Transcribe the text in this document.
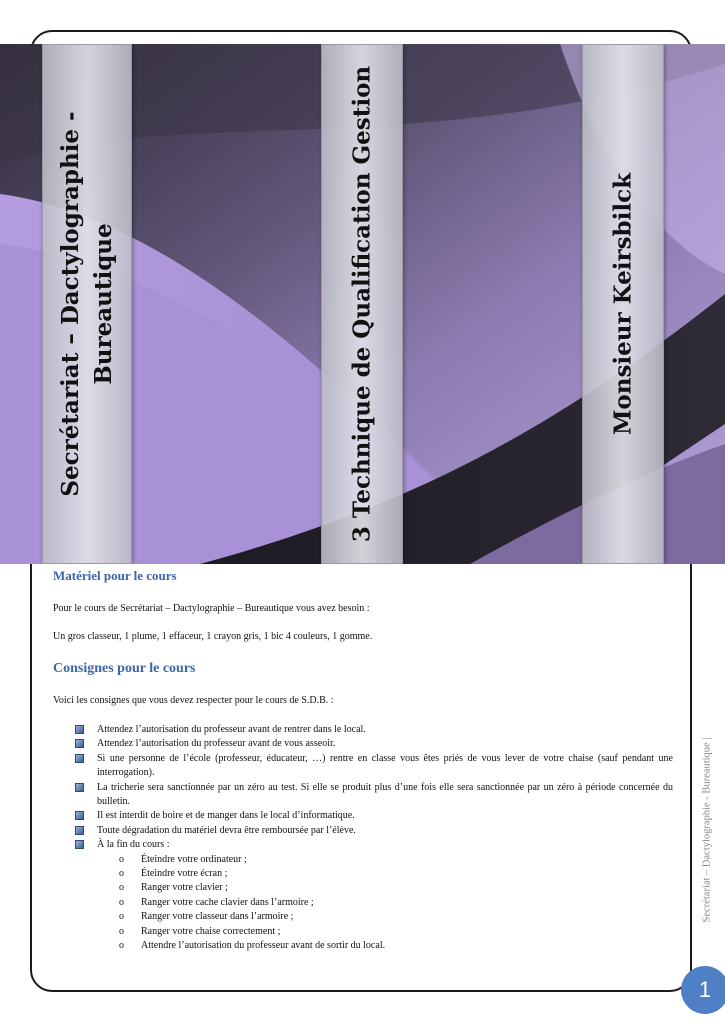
Secrétariat – Dactylographie - Bureautique	3 Technique de Qualification Gestion	Monsieur Keirsbilck
Matériel pour le cours

Pour le cours de Secrétariat – Dactylographie – Bureautique vous avez besoin :

Un gros classeur, 1 plume, 1 effaceur, 1 crayon gris, 1 bic 4 couleurs, 1 gomme.

Consignes pour le cours

Voici les consignes que vous devez respecter pour le cours de S.D.B. :

Attendez l’autorisation du professeur avant de rentrer dans le local.
Attendez l’autorisation du professeur avant de vous asseoir.
Si une personne de l’école (professeur, éducateur, …) rentre en classe vous êtes priés de vous lever de votre chaise (sauf pendant une interrogation).
La tricherie sera sanctionnée par un zéro au test. Si elle se produit plus d’une fois elle sera sanctionnée par un zéro à période concernée du bulletin.
Il est interdit de boire et de manger dans le local d’informatique.
Toute dégradation du matériel devra être remboursée par l’élève.
À la fin du cours :
o Éteindre votre ordinateur ;
o Éteindre votre écran ;
o Ranger votre clavier ;
o Ranger votre cache clavier dans l’armoire ;
o Ranger votre classeur dans l’armoire ;
o Ranger votre chaise correctement ;
o Attendre l’autorisation du professeur avant de sortir du local.
Secrétariat – Dactylographie - Bureautique |
1
